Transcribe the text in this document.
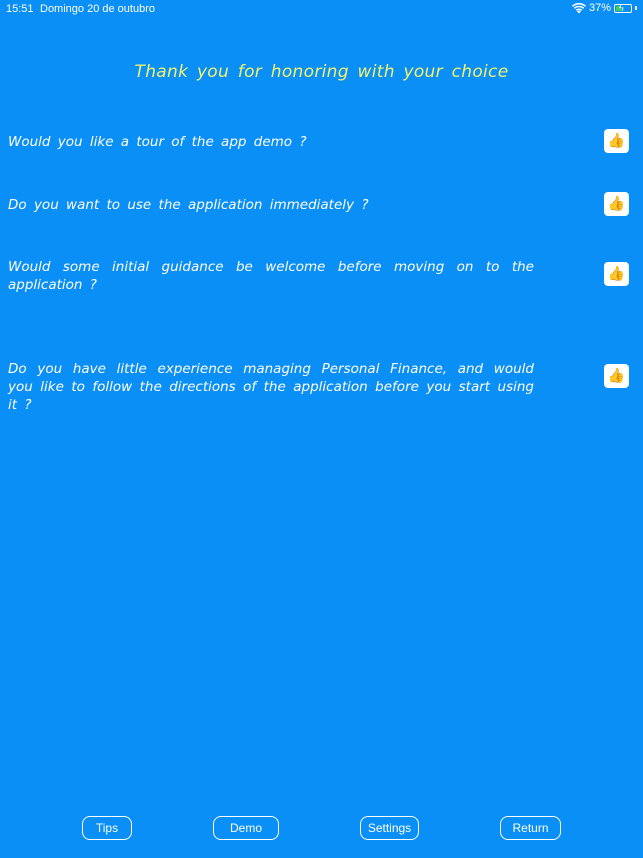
15:51 Domingo 20 de outubro	37% ϟ
Thank you for honoring with your choice
Would you like a tour of the app demo ?	👍
Do you want to use the application immediately ?	👍
Would some initial guidance be welcome before moving on to the application ?
👍
Do you have little experience managing Personal Finance, and would you like to follow the directions of the application before you start using it ?
👍
Tips	Demo	Settings	Return
